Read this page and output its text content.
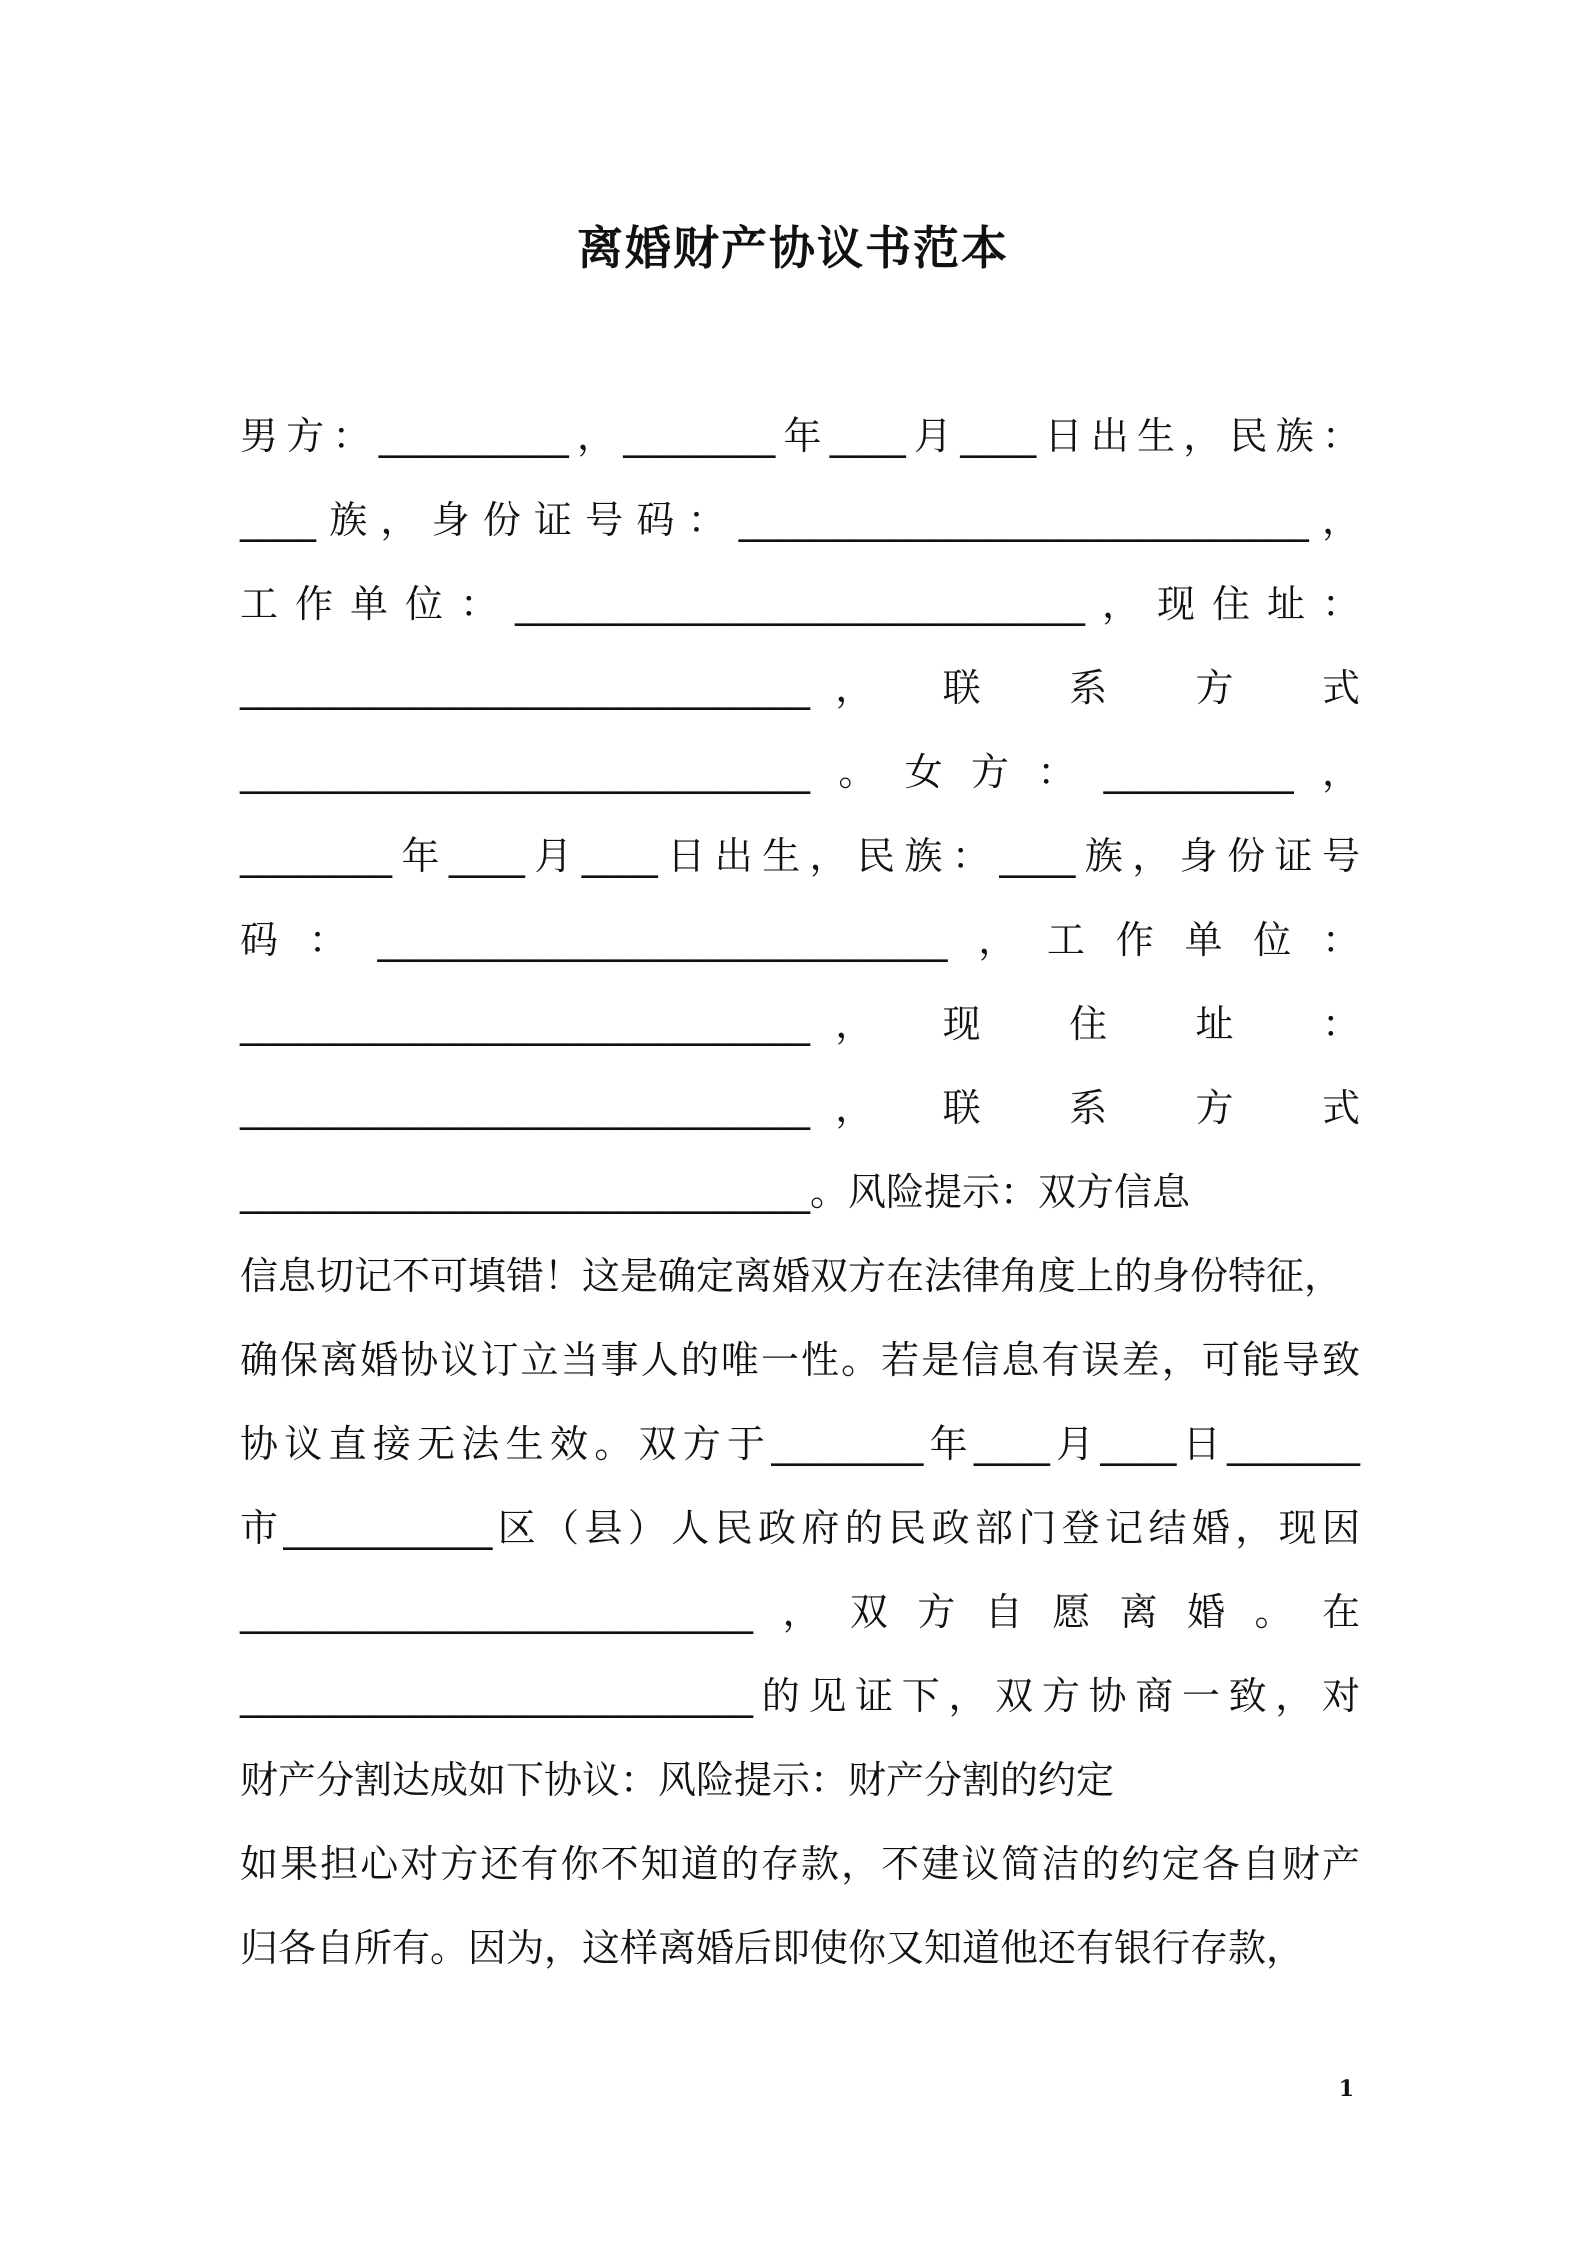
离婚财产协议书范本
男方：__________，________年____月____日出生，民族：
____族，身份证号码：______________________________，
工作单位：______________________________，现住址：
______________________________，　联　系　方　式
______________________________。女方：__________，
________年____月____日出生，民族：____族，身份证号
码：______________________________，工作单位：
______________________________，　现　住　址　：
______________________________，　联　系　方　式
______________________________。风险提示：双方信息
信息切记不可填错！这是确定离婚双方在法律角度上的身份特征，
确保离婚协议订立当事人的唯一性。若是信息有误差，可能导致
协议直接无法生效。双方于________年____月____日_______
市___________区（县）人民政府的民政部门登记结婚，现因
___________________________，双方自愿离婚。在
___________________________的见证下，双方协商一致，对
财产分割达成如下协议：风险提示：财产分割的约定
如果担心对方还有你不知道的存款，不建议简洁的约定各自财产
归各自所有。因为，这样离婚后即使你又知道他还有银行存款，
1
